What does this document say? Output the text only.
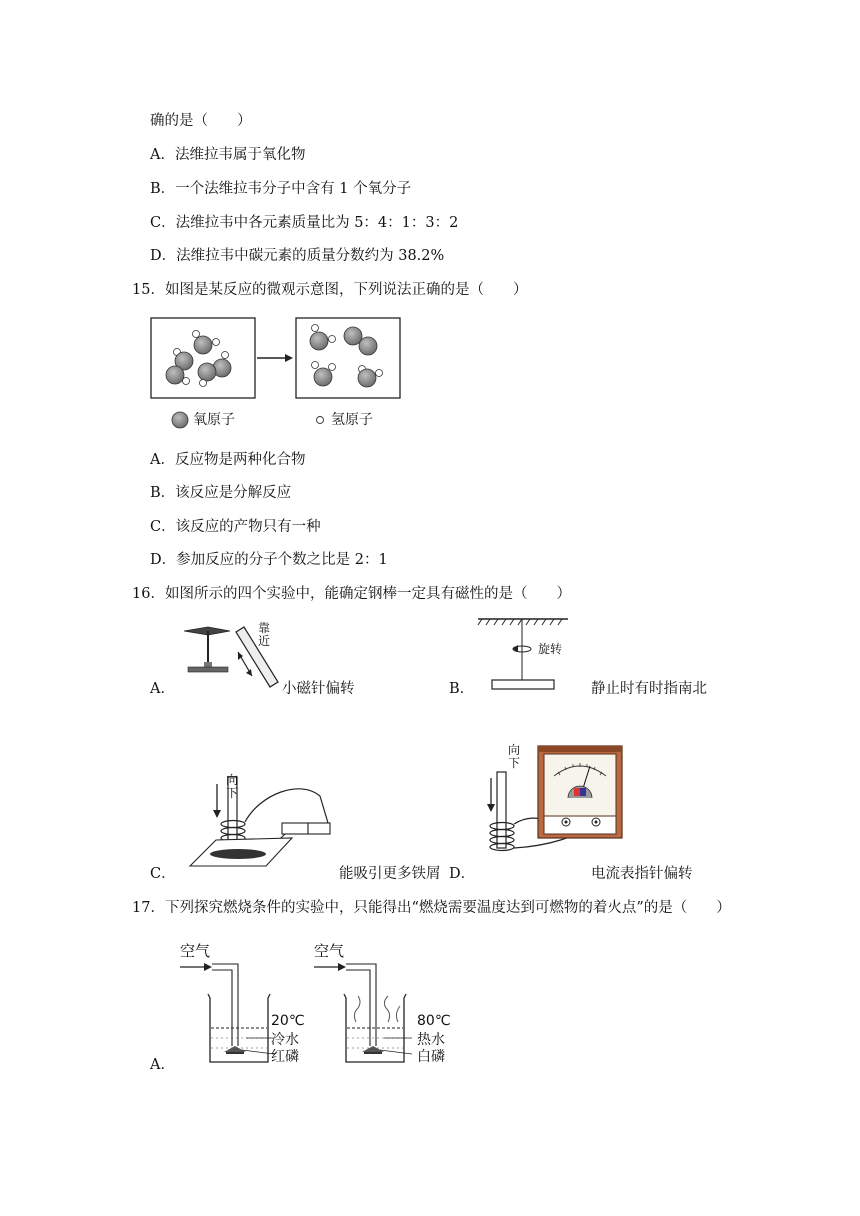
确的是（　　）
A．法维拉韦属于氧化物
B．一个法维拉韦分子中含有 1 个氧分子
C．法维拉韦中各元素质量比为 5：4：1：3：2
D．法维拉韦中碳元素的质量分数约为 38.2%
15．如图是某反应的微观示意图，下列说法正确的是（　　）
氧原子	氢原子
A．反应物是两种化合物
B．该反应是分解反应
C．该反应的产物只有一种
D．参加反应的分子个数之比是 2：1
16．如图所示的四个实验中，能确定钢棒一定具有磁性的是（　　）
靠近
A．	小磁针偏转
旋转
B．	静止时有时指南北
向下
C．	能吸引更多铁屑
向下
D．	电流表指针偏转
17．下列探究燃烧条件的实验中，只能得出“燃烧需要温度达到可燃物的着火点”的是（　　）
空气	空气
20℃
冷水
红磷
80℃
热水
白磷
A．
